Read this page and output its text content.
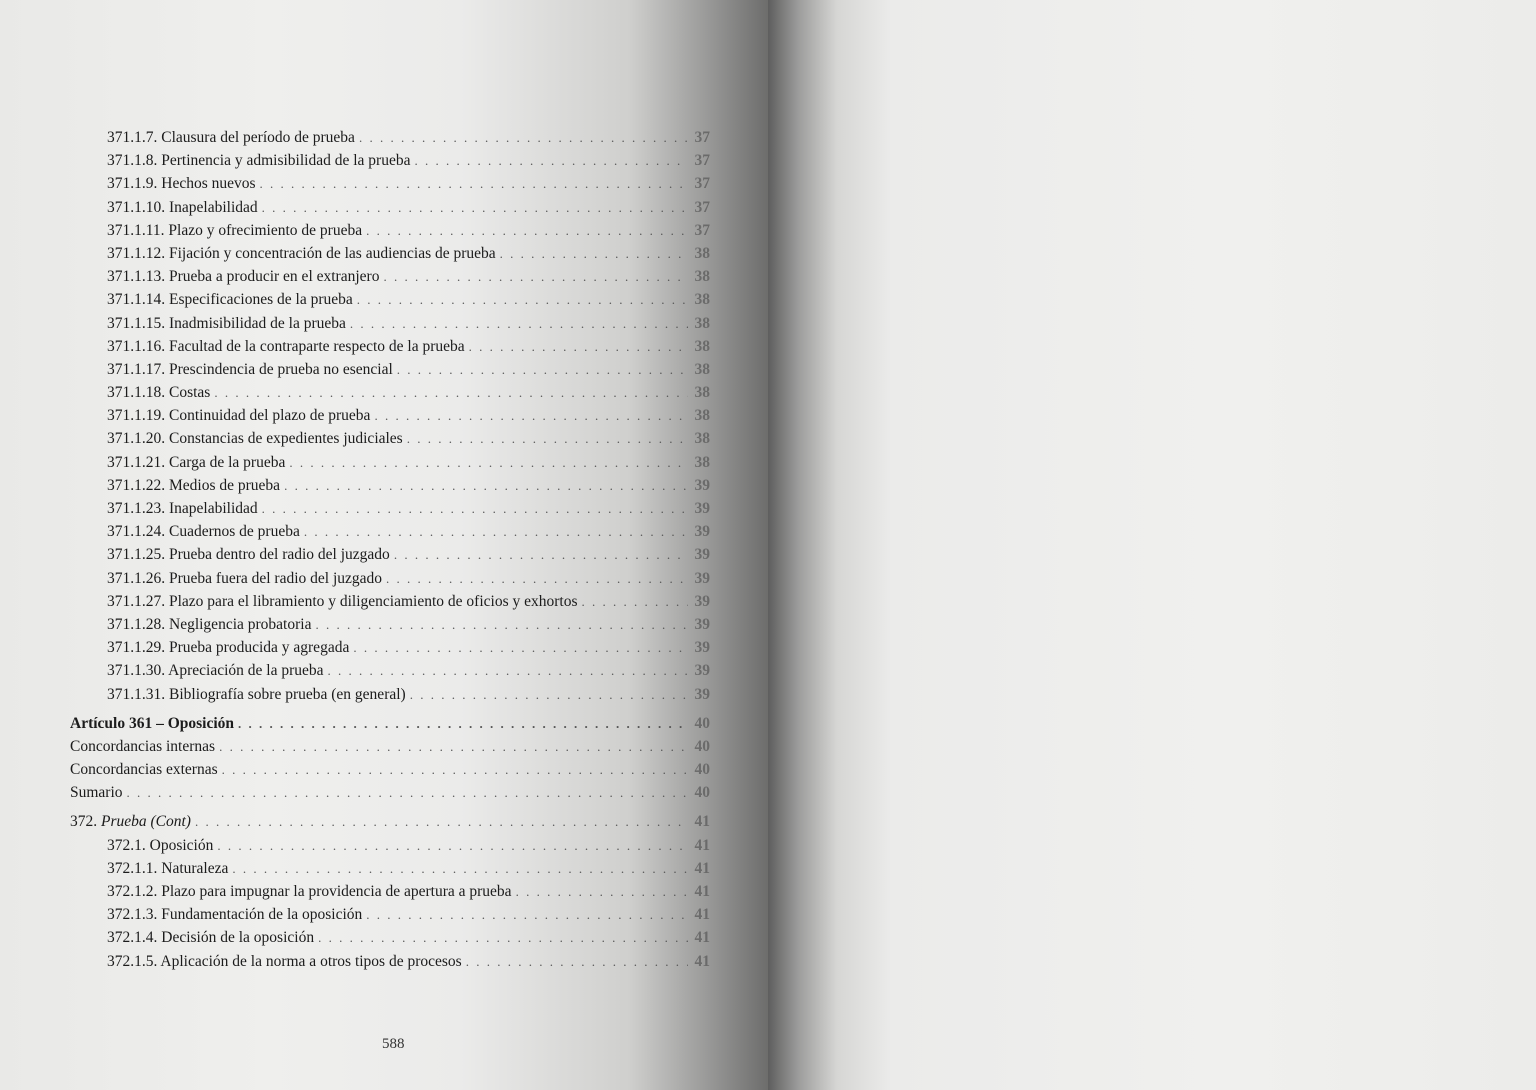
371.1.7. Clausura del período de prueba . . .	37
371.1.8. Pertinencia y admisibilidad de la prueba . . .	37
371.1.9. Hechos nuevos . . .	37
371.1.10. Inapelabilidad . . .	37
371.1.11. Plazo y ofrecimiento de prueba . . .	37
371.1.12. Fijación y concentración de las audiencias de prueba . . .	38
371.1.13. Prueba a producir en el extranjero . . .	38
371.1.14. Especificaciones de la prueba . . .	38
371.1.15. Inadmisibilidad de la prueba . . .	38
371.1.16. Facultad de la contraparte respecto de la prueba . . .	38
371.1.17. Prescindencia de prueba no esencial . . .	38
371.1.18. Costas . . .	38
371.1.19. Continuidad del plazo de prueba . . .	38
371.1.20. Constancias de expedientes judiciales . . .	38
371.1.21. Carga de la prueba . . .	38
371.1.22. Medios de prueba . . .	39
371.1.23. Inapelabilidad . . .	39
371.1.24. Cuadernos de prueba . . .	39
371.1.25. Prueba dentro del radio del juzgado . . .	39
371.1.26. Prueba fuera del radio del juzgado . . .	39
371.1.27. Plazo para el libramiento y diligenciamiento de oficios y exhortos . . .	39
371.1.28. Negligencia probatoria . . .	39
371.1.29. Prueba producida y agregada . . .	39
371.1.30. Apreciación de la prueba . . .	39
371.1.31. Bibliografía sobre prueba (en general) . . .	39
Artículo 361 – Oposición . . .	40
Concordancias internas . . .	40
Concordancias externas . . .	40
Sumario . . .	40
372. Prueba (Cont) . . .	41
372.1. Oposición . . .	41
372.1.1. Naturaleza . . .	41
372.1.2. Plazo para impugnar la providencia de apertura a prueba . . .	41
372.1.3. Fundamentación de la oposición . . .	41
372.1.4. Decisión de la oposición . . .	41
372.1.5. Aplicación de la norma a otros tipos de procesos . . .	41
588
